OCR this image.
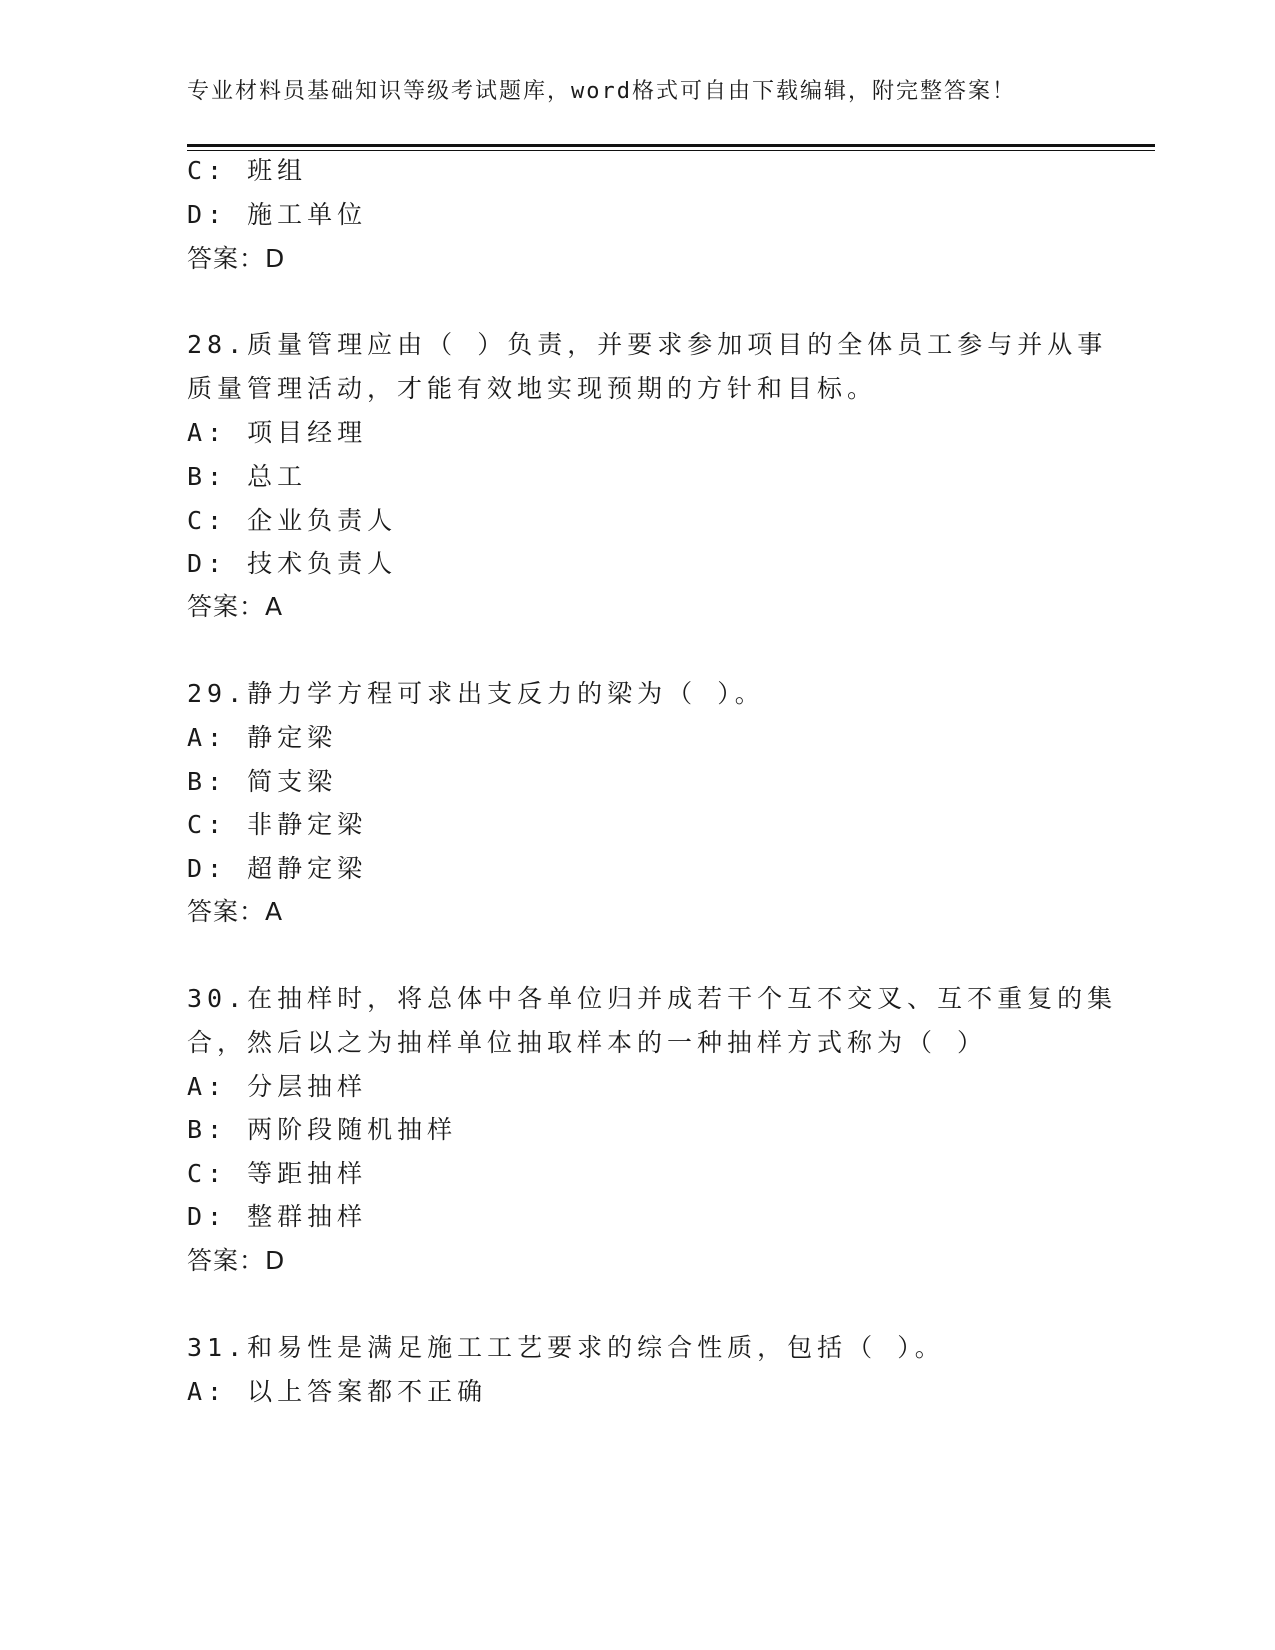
专业材料员基础知识等级考试题库，word格式可自由下载编辑，附完整答案！
C: 班组
D: 施工单位
答案：D
28.质量管理应由（ ）负责，并要求参加项目的全体员工参与并从事
质量管理活动，才能有效地实现预期的方针和目标。
A: 项目经理
B: 总工
C: 企业负责人
D: 技术负责人
答案：A
29.静力学方程可求出支反力的梁为（ ）。
A: 静定梁
B: 简支梁
C: 非静定梁
D: 超静定梁
答案：A
30.在抽样时，将总体中各单位归并成若干个互不交叉、互不重复的集
合，然后以之为抽样单位抽取样本的一种抽样方式称为（ ）
A: 分层抽样
B: 两阶段随机抽样
C: 等距抽样
D: 整群抽样
答案：D
31.和易性是满足施工工艺要求的综合性质，包括（ ）。
A: 以上答案都不正确
